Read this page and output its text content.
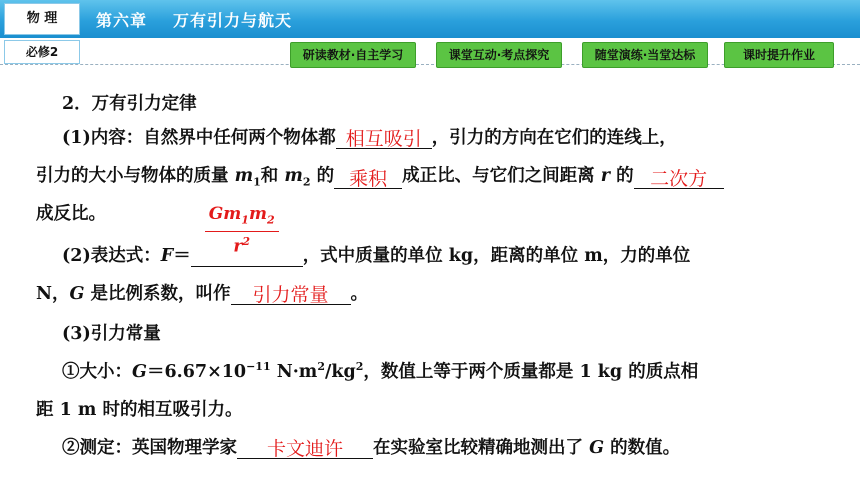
物 理	第六章 万有引力与航天
必修2	研读教材·自主学习	课堂互动·考点探究	随堂演练·当堂达标	课时提升作业
2．万有引力定律
(1)内容：自然界中任何两个物体都 相互吸引 ，引力的方向在它们的连线上，
引力的大小与物体的质量 $m_1$和 $m_2$ 的 乘积 成正比、与它们之间距离 r 的 二次方
成反比。
(2)表达式：$F= \frac{Gm_1m_2}{r^2}$ ，式中质量的单位 kg，距离的单位 m，力的单位
N，G 是比例系数，叫作 引力常量 。
(3)引力常量
①大小：$G=6.67\times 10^{-11}$ $N\cdot m^2/kg^2$，数值上等于两个质量都是 1 kg 的质点相
距 1 m 时的相互吸引力。
②测定：英国物理学家 卡文迪许 在实验室比较精确地测出了 G 的数值。
